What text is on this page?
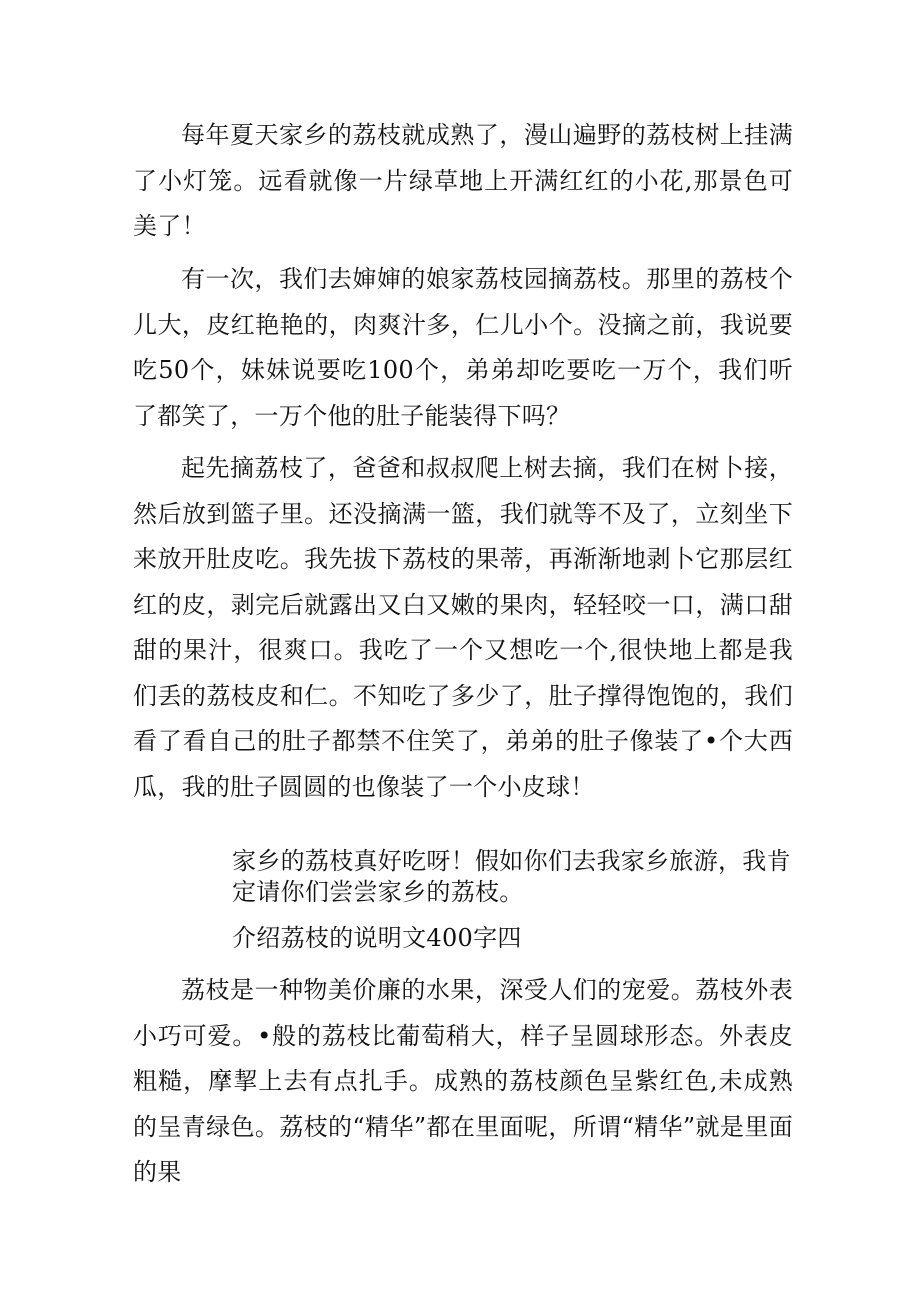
每年夏天家乡的荔枝就成熟了，漫山遍野的荔枝树上挂满了小灯笼。远看就像一片绿草地上开满红红的小花,那景色可美了！

有一次，我们去婶婶的娘家荔枝园摘荔枝。那里的荔枝个儿大，皮红艳艳的，肉爽汁多，仁儿小个。没摘之前，我说要吃50个，妹妹说要吃100个，弟弟却吃要吃一万个，我们听了都笑了，一万个他的肚子能装得下吗？

起先摘荔枝了，爸爸和叔叔爬上树去摘，我们在树卜接，然后放到篮子里。还没摘满一篮，我们就等不及了，立刻坐下来放开肚皮吃。我先拔下荔枝的果蒂，再渐渐地剥卜它那层红红的皮，剥完后就露出又白又嫩的果肉，轻轻咬一口，满口甜甜的果汁，很爽口。我吃了一个又想吃一个,很快地上都是我们丢的荔枝皮和仁。不知吃了多少了，肚子撑得饱饱的，我们看了看自己的肚子都禁不住笑了，弟弟的肚子像装了•个大西瓜，我的肚子圆圆的也像装了一个小皮球！

家乡的荔枝真好吃呀！假如你们去我家乡旅游，我肯定请你们尝尝家乡的荔枝。

介绍荔枝的说明文400字四

荔枝是一种物美价廉的水果，深受人们的宠爱。荔枝外表小巧可爱。•般的荔枝比葡萄稍大，样子呈圆球形态。外表皮粗糙，摩挈上去有点扎手。成熟的荔枝颜色呈紫红色,未成熟的呈青绿色。荔枝的“精华”都在里面呢，所谓“精华”就是里面的果
